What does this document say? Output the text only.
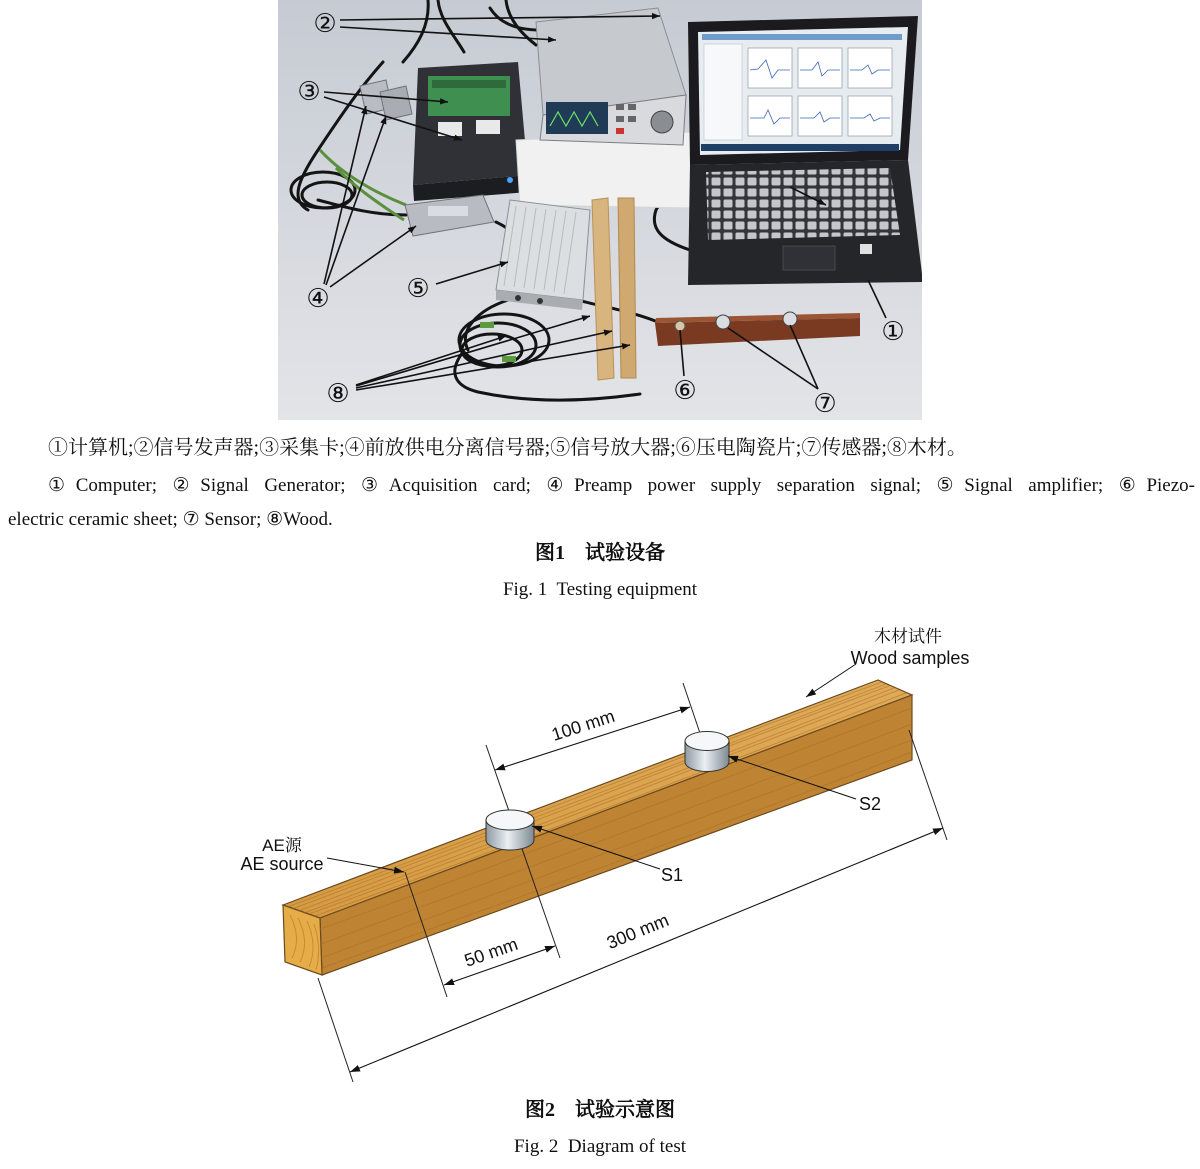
①
②
③
④	⑤
⑥	⑦
⑧
①计算机;②信号发声器;③采集卡;④前放供电分离信号器;⑤信号放大器;⑥压电陶瓷片;⑦传感器;⑧木材。
①Computer; ②Signal Generator; ③Acquisition card; ④Preamp power supply separation signal; ⑤Signal amplifier; ⑥Piezo-
electric ceramic sheet; ⑦ Sensor; ⑧Wood.
图1　试验设备
Fig. 1  Testing equipment
100 mm
50 mm	300 mm
木材试件
Wood samples
AE源
AE source
S1
S2
图2　试验示意图
Fig. 2  Diagram of test
